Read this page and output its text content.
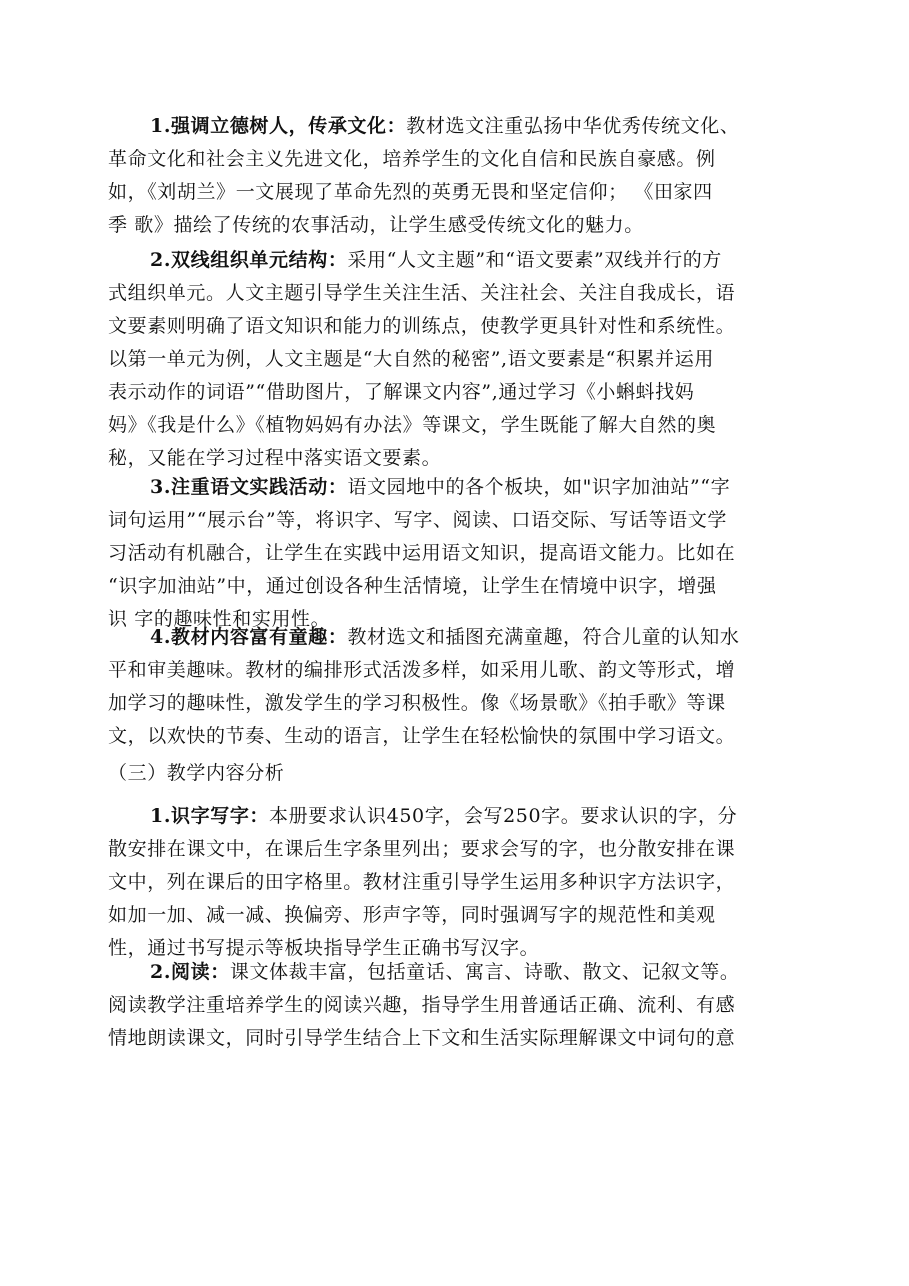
1.强调立德树人，传承文化：教材选文注重弘扬中华优秀传统文化、
革命文化和社会主义先进文化，培养学生的文化自信和民族自豪感。例
如，《刘胡兰》一文展现了革命先烈的英勇无畏和坚定信仰； 《田家四
季 歌》描绘了传统的农事活动，让学生感受传统文化的魅力。
2.双线组织单元结构：采用“人文主题”和“语文要素”双线并行的方
式组织单元。人文主题引导学生关注生活、关注社会、关注自我成长，语
文要素则明确了语文知识和能力的训练点，使教学更具针对性和系统性。
以第一单元为例，人文主题是“大自然的秘密”,语文要素是“积累并运用
表示动作的词语”“借助图片，了解课文内容”,通过学习《小蝌蚪找妈
妈》《我是什么》《植物妈妈有办法》等课文，学生既能了解大自然的奥
秘，又能在学习过程中落实语文要素。
3.注重语文实践活动：语文园地中的各个板块，如"识字加油站”“字
词句运用”“展示台”等，将识字、写字、阅读、口语交际、写话等语文学
习活动有机融合，让学生在实践中运用语文知识，提高语文能力。比如在
“识字加油站”中，通过创设各种生活情境，让学生在情境中识字，增强
识 字的趣味性和实用性。
4.教材内容富有童趣：教材选文和插图充满童趣，符合儿童的认知水
平和审美趣味。教材的编排形式活泼多样，如采用儿歌、韵文等形式，增
加学习的趣味性，激发学生的学习积极性。像《场景歌》《拍手歌》等课
文，以欢快的节奏、生动的语言，让学生在轻松愉快的氛围中学习语文。
（三）教学内容分析
1.识字写字：本册要求认识450字，会写250字。要求认识的字，分
散安排在课文中，在课后生字条里列出；要求会写的字，也分散安排在课
文中，列在课后的田字格里。教材注重引导学生运用多种识字方法识字，
如加一加、减一减、换偏旁、形声字等，同时强调写字的规范性和美观
性，通过书写提示等板块指导学生正确书写汉字。
2.阅读：课文体裁丰富，包括童话、寓言、诗歌、散文、记叙文等。
阅读教学注重培养学生的阅读兴趣，指导学生用普通话正确、流利、有感
情地朗读课文，同时引导学生结合上下文和生活实际理解课文中词句的意
